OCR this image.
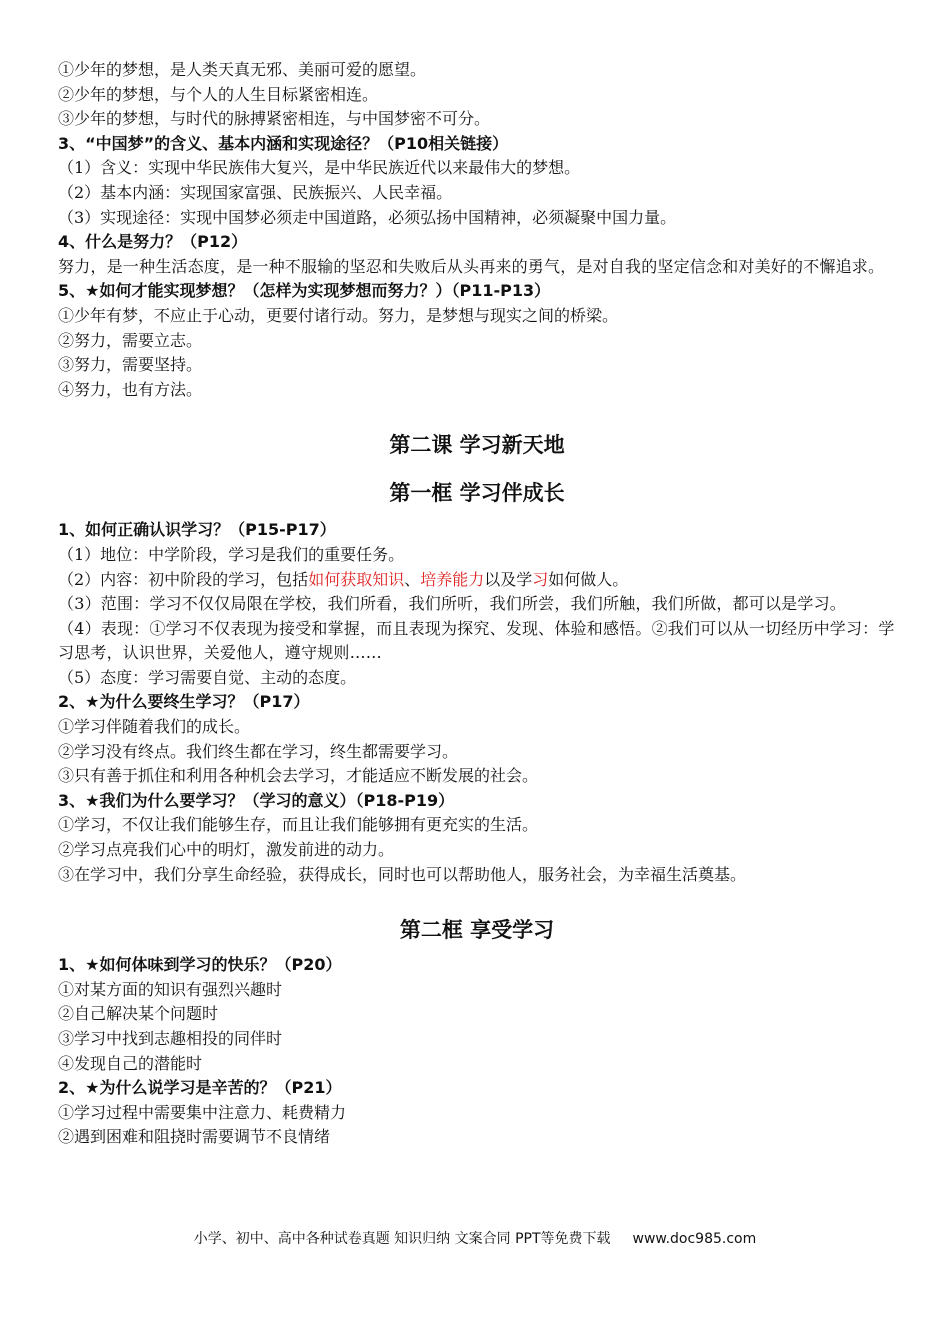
①少年的梦想，是人类天真无邪、美丽可爱的愿望。
②少年的梦想，与个人的人生目标紧密相连。
③少年的梦想，与时代的脉搏紧密相连，与中国梦密不可分。
3、“中国梦”的含义、基本内涵和实现途径？（P10相关链接）
（1）含义：实现中华民族伟大复兴，是中华民族近代以来最伟大的梦想。
（2）基本内涵：实现国家富强、民族振兴、人民幸福。
（3）实现途径：实现中国梦必须走中国道路，必须弘扬中国精神，必须凝聚中国力量。
4、什么是努力？（P12）
努力，是一种生活态度，是一种不服输的坚忍和失败后从头再来的勇气，是对自我的坚定信念和对美好的不懈追求。
5、★如何才能实现梦想？（怎样为实现梦想而努力？）（P11-P13）
①少年有梦，不应止于心动，更要付诸行动。努力，是梦想与现实之间的桥梁。
②努力，需要立志。
③努力，需要坚持。
④努力，也有方法。
第二课 学习新天地
第一框 学习伴成长
1、如何正确认识学习？（P15-P17）
（1）地位：中学阶段，学习是我们的重要任务。
（2）内容：初中阶段的学习，包括如何获取知识、培养能力以及学习如何做人。
（3）范围：学习不仅仅局限在学校，我们所看，我们所听，我们所尝，我们所触，我们所做，都可以是学习。
（4）表现：①学习不仅表现为接受和掌握，而且表现为探究、发现、体验和感悟。②我们可以从一切经历中学习：学习思考，认识世界，关爱他人，遵守规则……
（5）态度：学习需要自觉、主动的态度。
2、★为什么要终生学习？（P17）
①学习伴随着我们的成长。
②学习没有终点。我们终生都在学习，终生都需要学习。
③只有善于抓住和利用各种机会去学习，才能适应不断发展的社会。
3、★我们为什么要学习？（学习的意义）（P18-P19）
①学习，不仅让我们能够生存，而且让我们能够拥有更充实的生活。
②学习点亮我们心中的明灯，激发前进的动力。
③在学习中，我们分享生命经验，获得成长，同时也可以帮助他人，服务社会，为幸福生活奠基。
第二框 享受学习
1、★如何体味到学习的快乐？（P20）
①对某方面的知识有强烈兴趣时
②自己解决某个问题时
③学习中找到志趣相投的同伴时
④发现自己的潜能时
2、★为什么说学习是辛苦的？（P21）
①学习过程中需要集中注意力、耗费精力
②遇到困难和阻挠时需要调节不良情绪
小学、初中、高中各种试卷真题 知识归纳 文案合同 PPT等免费下载 www.doc985.com
